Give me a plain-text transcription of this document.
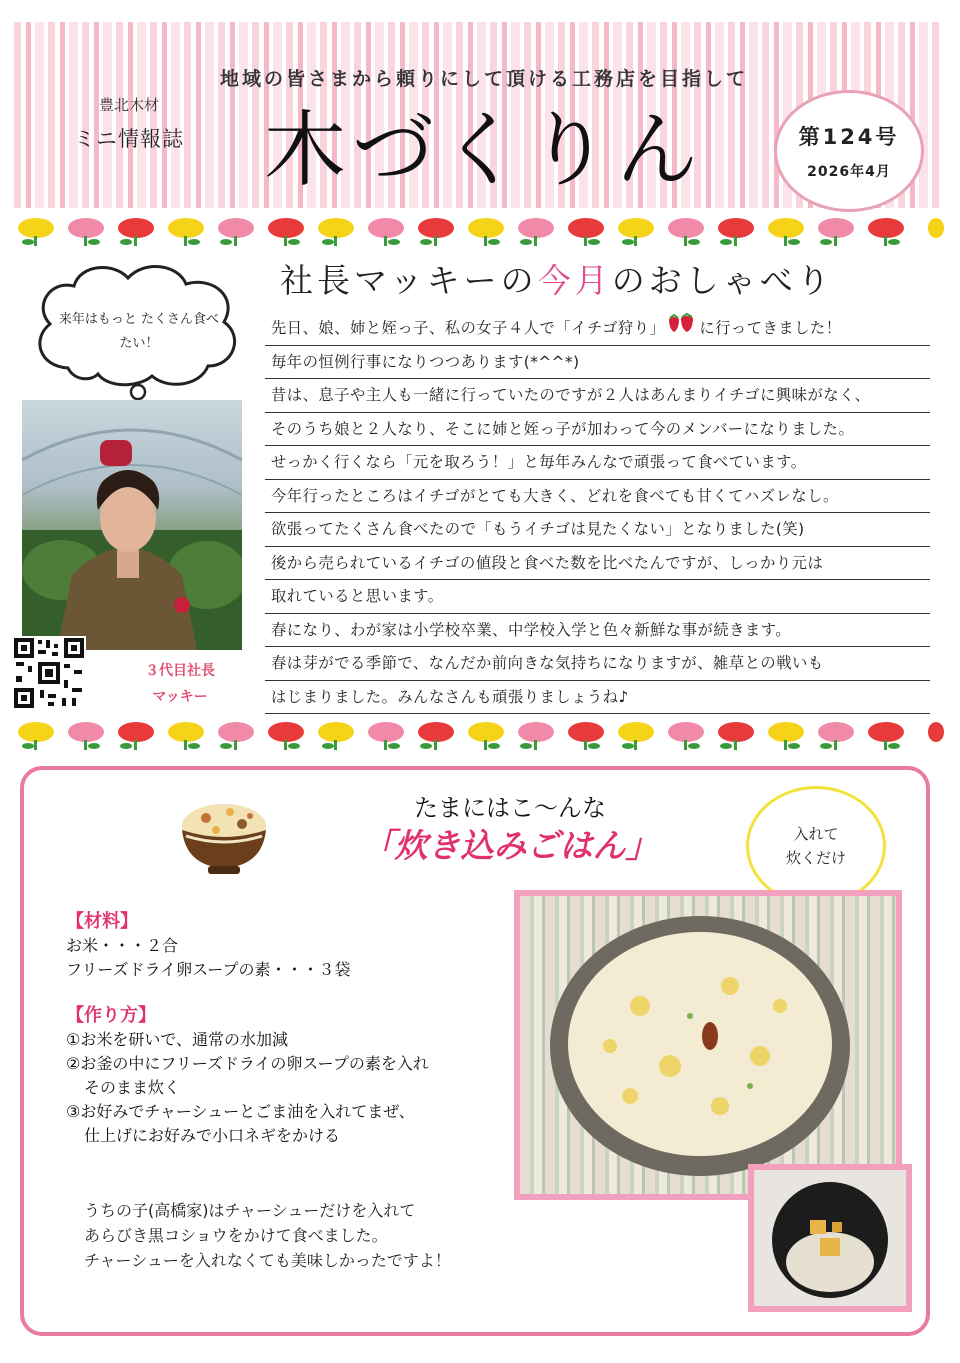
豊北木材
ミニ情報誌
地域の皆さまから頼りにして頂ける工務店を目指して
木づくりん	第124号
2026年4月
来年はもっと たくさん食べたい！
３代目社長
マッキー
社長マッキーの今月のおしゃべり
先日、娘、姉と姪っ子、私の女子４人で「イチゴ狩り」 に行ってきました！
毎年の恒例行事になりつつあります(*^^*)
昔は、息子や主人も一緒に行っていたのですが２人はあんまりイチゴに興味がなく、
そのうち娘と２人なり、そこに姉と姪っ子が加わって今のメンバーになりました。
せっかく行くなら「元を取ろう！」と毎年みんなで頑張って食べています。
今年行ったところはイチゴがとても大きく、どれを食べても甘くてハズレなし。
欲張ってたくさん食べたので「もうイチゴは見たくない」となりました(笑)
後から売られているイチゴの値段と食べた数を比べたんですが、しっかり元は
取れていると思います。
春になり、わが家は小学校卒業、中学校入学と色々新鮮な事が続きます。
春は芽がでる季節で、なんだか前向きな気持ちになりますが、雑草との戦いも
はじまりました。みんなさんも頑張りましょうね♪
たまにはこ～んな
「炊き込みごはん」	入れて
炊くだけ
【材料】
お米・・・２合
フリーズドライ卵スープの素・・・３袋
【作り方】
①お米を研いで、通常の水加減
②お釜の中にフリーズドライの卵スープの素を入れ
そのまま炊く
③お好みでチャーシューとごま油を入れてまぜ、
仕上げにお好みで小口ネギをかける
うちの子(高橋家)はチャーシューだけを入れて
あらびき黒コショウをかけて食べました。
チャーシューを入れなくても美味しかったですよ！
